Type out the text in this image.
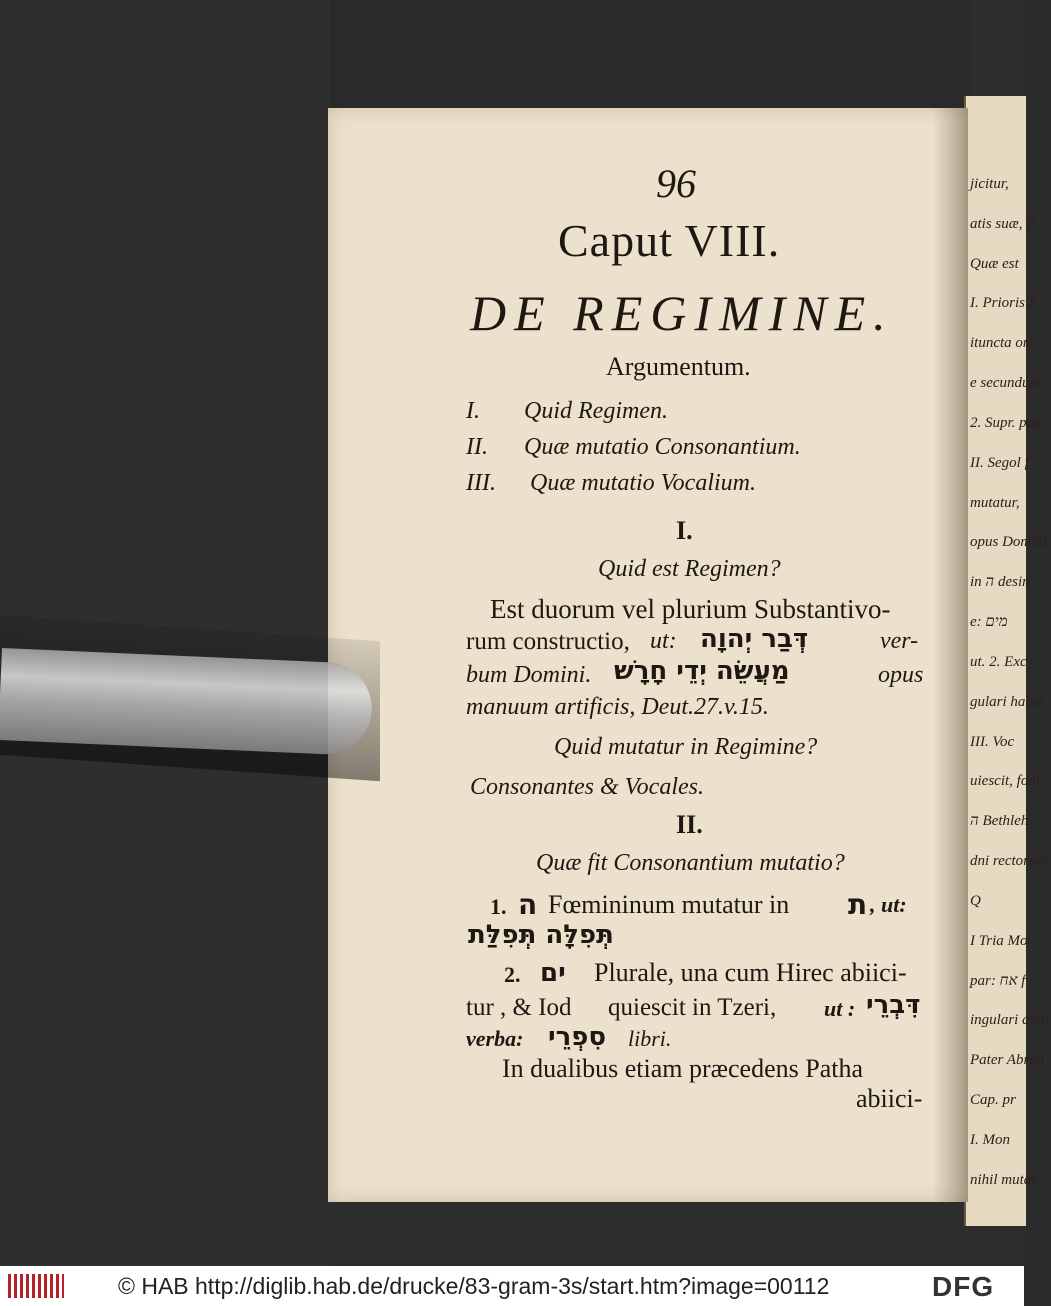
jicitur,
atis suæ, P
Quæ est
I. Prioris S
ituncta om
e secundum
2. Supr. pag.
II. Segol f
mutatur,
opus Domini.
in ה desin
e: מים
ut. 2. Exc
gulari habet
III. Voc
uiescit, fodi
ה Bethleh
dni rectorum
Q
I Tria Mo
par: אח f
ingulari assu
Pater Abrah
Cap. pr
I. Mon
nihil mutar
96
Caput VIII.
DE REGIMINE.
Argumentum.
I. Quid Regimen.
II. Quæ mutatio Consonantium.
III. Quæ mutatio Vocalium.
I.
Quid est Regimen?
Est duorum vel plurium Substantivo-
rum constructio, ut: דְּבַר יְהוָה	ver-
bum Domini. מַעֲשֵׂה יְדֵי חָרָשׁ	opus
manuum artificis, Deut.27.v.15.
Quid mutatur in Regimine?
Consonantes & Vocales.
II.
Quæ fit Consonantium mutatio?
1. ה Fœmininum mutatur in ת , ut:
תְּפִלָּה תְּפִלַּת
2. ים Plurale, una cum Hirec abiici-
tur , & Iod quiescit in Tzeri, ut : דִּבְרֵי
verba: סִפְרֵי libri.
In dualibus etiam præcedens Patha
abiici-
© HAB http://diglib.hab.de/drucke/83-gram-3s/start.htm?image=00112	DFG
